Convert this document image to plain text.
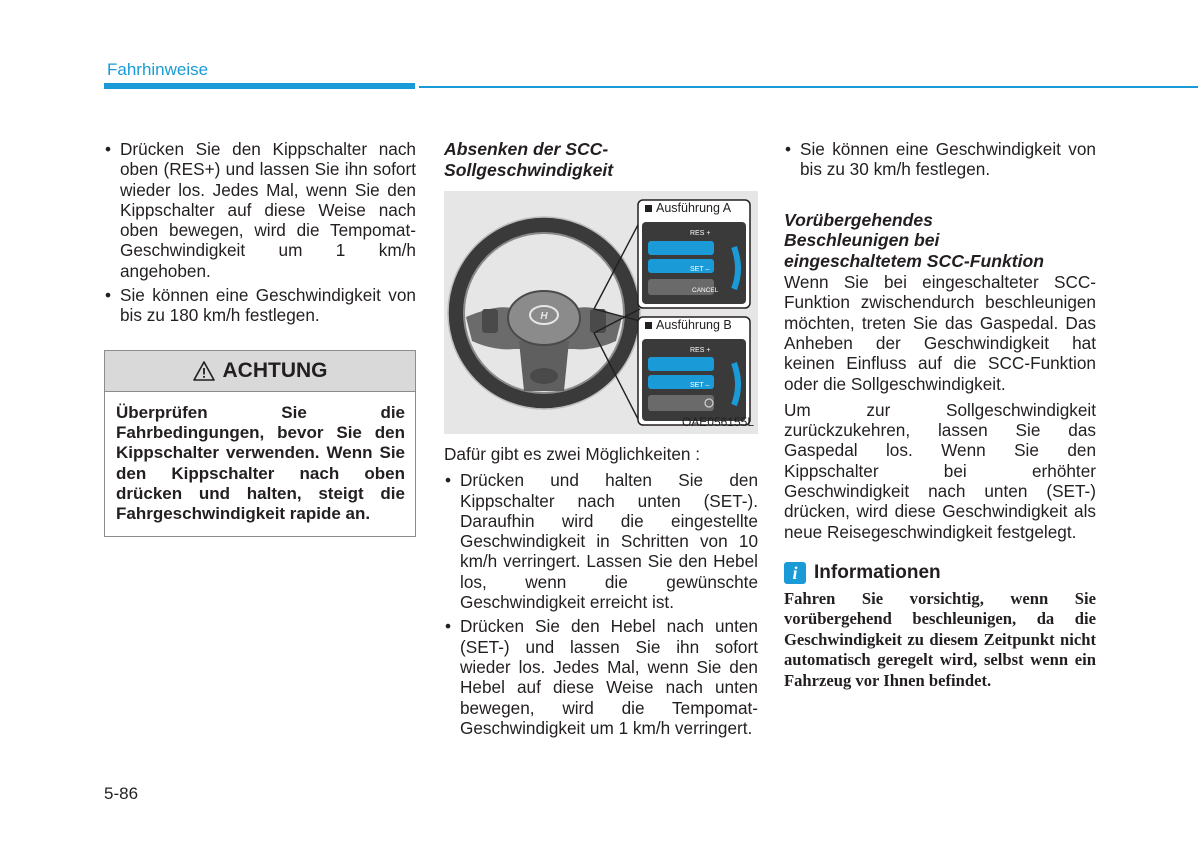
Fahrhinweise
• Drücken Sie den Kippschalter nach oben (RES+) und lassen Sie ihn sofort wieder los. Jedes Mal, wenn Sie den Kippschalter auf diese Weise nach oben bewegen, wird die Tempomat-Geschwindigkeit um 1 km/h angehoben.
• Sie können eine Geschwindigkeit von bis zu 180 km/h festlegen.
ACHTUNG
Überprüfen Sie die Fahrbedingungen, bevor Sie den Kippschalter verwenden. Wenn Sie den Kippschalter nach oben drücken und halten, steigt die Fahrgeschwindigkeit rapide an.

Absenken der SCC-
Sollgeschwindigkeit

H
Ausführung A
Ausführung B
RES +
SET –
CANCEL
RES +
SET –
OAE056155L

Dafür gibt es zwei Möglichkeiten :

• Drücken und halten Sie den Kippschalter nach unten (SET-). Daraufhin wird die eingestellte Geschwindigkeit in Schritten von 10 km/h verringert. Lassen Sie den Hebel los, wenn die gewünschte Geschwindigkeit erreicht ist.
• Drücken Sie den Hebel nach unten (SET-) und lassen Sie ihn sofort wieder los. Jedes Mal, wenn Sie den Hebel auf diese Weise nach unten bewegen, wird die Tempomat-Geschwindigkeit um 1 km/h verringert.
• Sie können eine Geschwindigkeit von bis zu 30 km/h festlegen.

Vorübergehendes
Beschleunigen bei
eingeschaltetem SCC-Funktion

Wenn Sie bei eingeschalteter SCC-Funktion zwischendurch beschleunigen möchten, treten Sie das Gaspedal. Das Anheben der Geschwindigkeit hat keinen Einfluss auf die SCC-Funktion oder die Sollgeschwindigkeit.

Um zur Sollgeschwindigkeit zurückzukehren, lassen Sie das Gaspedal los. Wenn Sie den Kippschalter bei erhöhter Geschwindigkeit nach unten (SET-) drücken, wird diese Geschwindigkeit als neue Reisegeschwindigkeit festgelegt.

i Informationen
Fahren Sie vorsichtig, wenn Sie vorübergehend beschleunigen, da die Geschwindigkeit zu diesem Zeitpunkt nicht automatisch geregelt wird, selbst wenn ein Fahrzeug vor Ihnen befindet.
5-86
